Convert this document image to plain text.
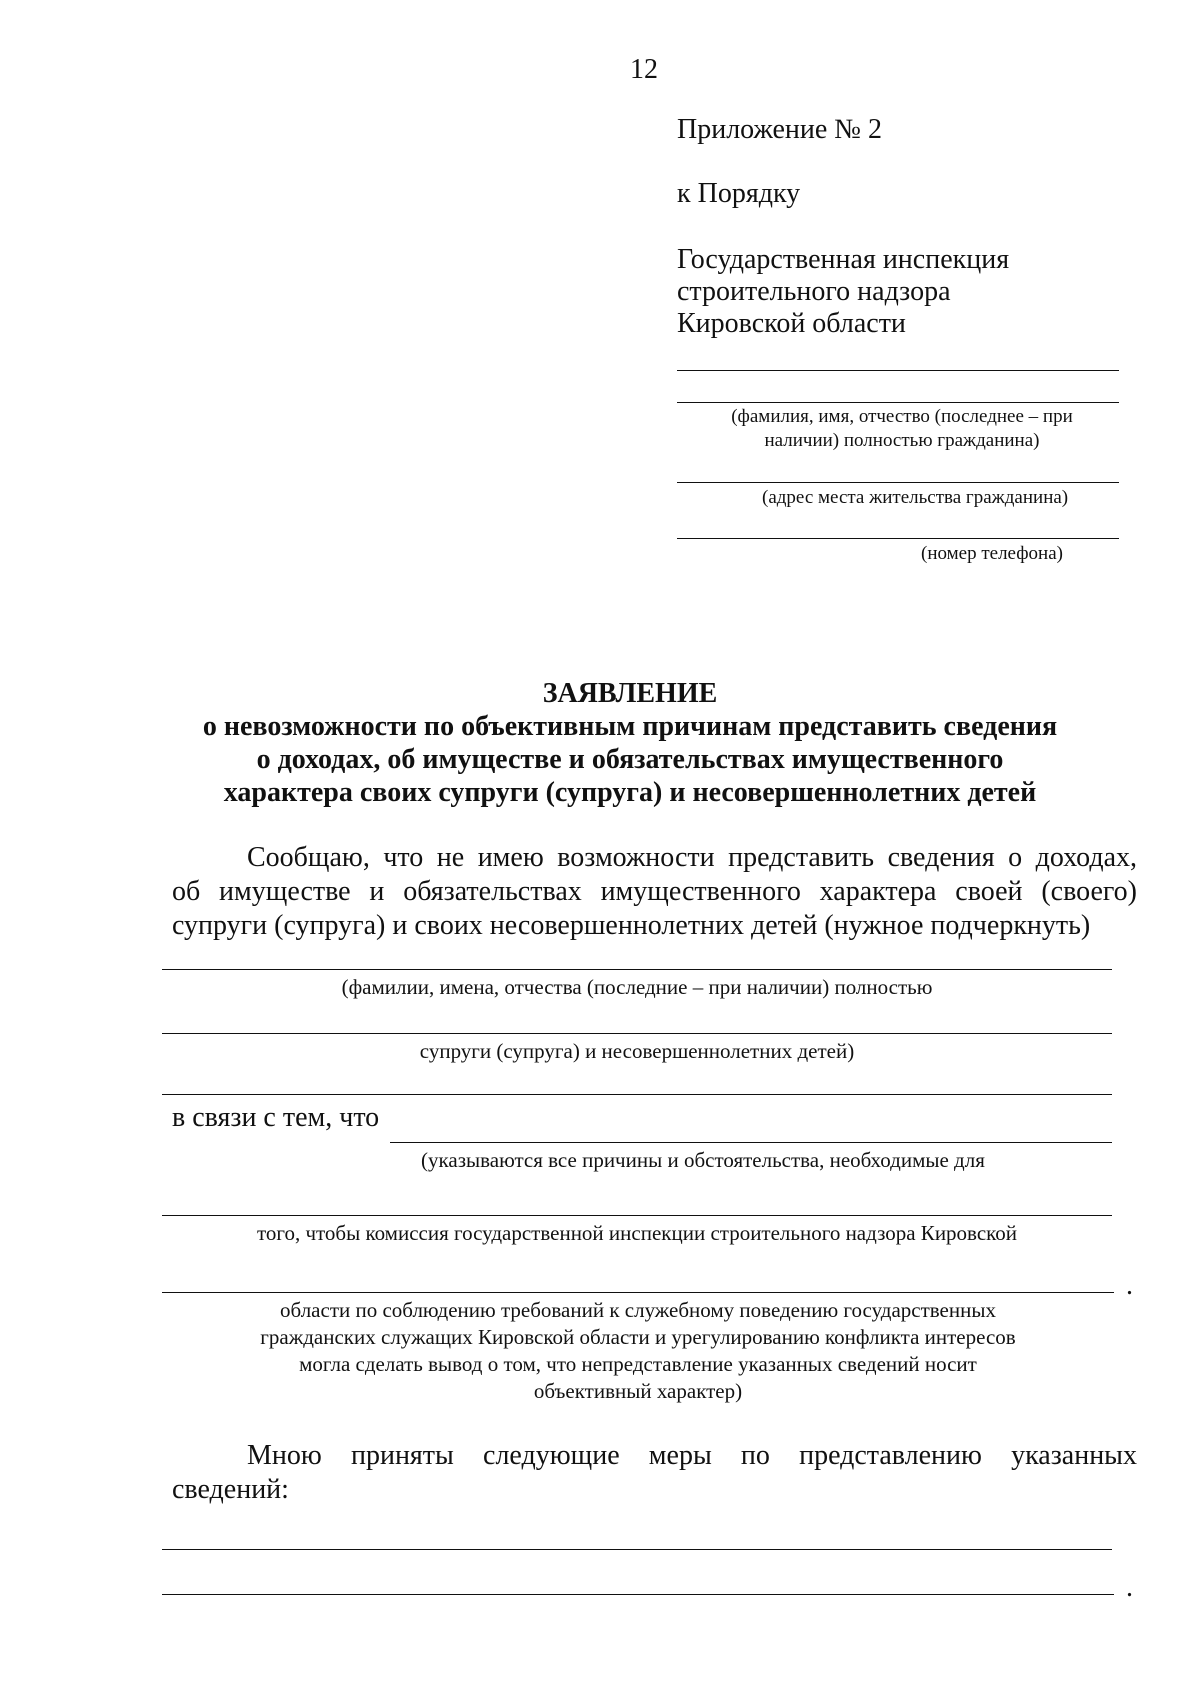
12
Приложение № 2
к Порядку
Государственная инспекция
строительного надзора
Кировской области
(фамилия, имя, отчество (последнее – при
наличии) полностью гражданина)
(адрес места жительства гражданина)
(номер телефона)
ЗАЯВЛЕНИЕ
о невозможности по объективным причинам представить сведения
о доходах, об имуществе и обязательствах имущественного
характера своих супруги (супруга) и несовершеннолетних детей
Сообщаю, что не имею возможности представить сведения о доходах,
об имуществе и обязательствах имущественного характера своей (своего)
супруги (супруга) и своих несовершеннолетних детей (нужное подчеркнуть)
(фамилии, имена, отчества (последние – при наличии) полностью
супруги (супруга) и несовершеннолетних детей)
в связи с тем, что
(указываются все причины и обстоятельства, необходимые для
того, чтобы комиссия государственной инспекции строительного надзора Кировской
.
области по соблюдению требований к служебному поведению государственных
гражданских служащих Кировской области и урегулированию конфликта интересов
могла сделать вывод о том, что непредставление указанных сведений носит
объективный характер)
Мною приняты следующие меры по представлению указанных
сведений:
.
